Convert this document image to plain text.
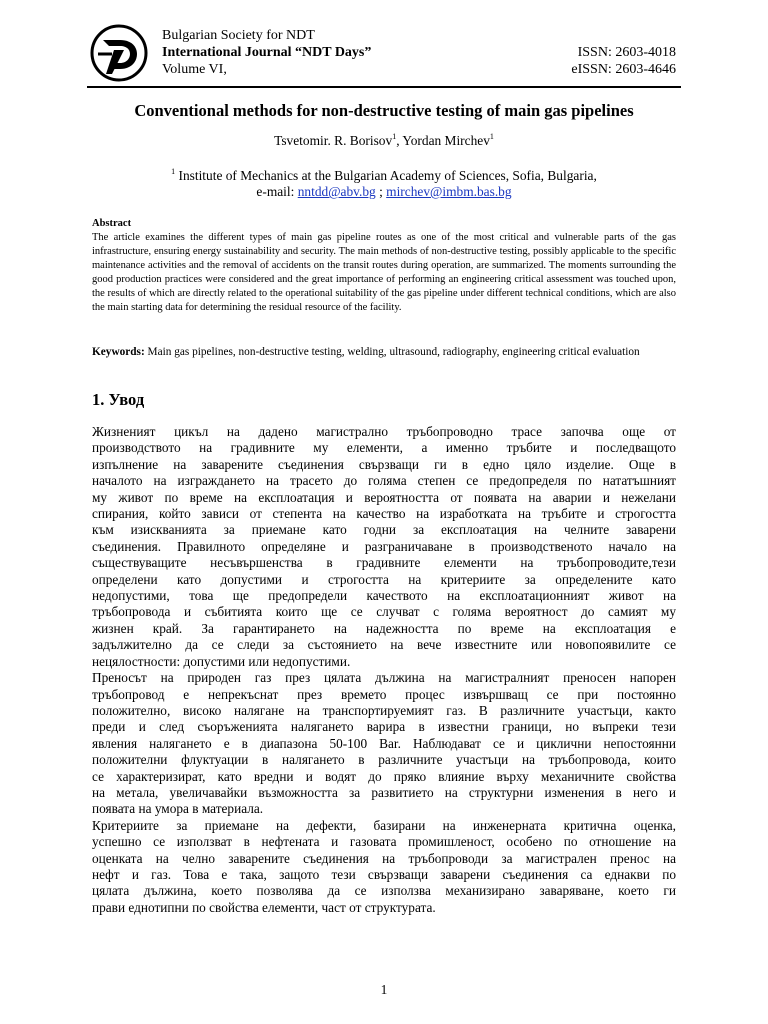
Bulgarian Society for NDT
International Journal “NDT Days”
Volume VI,
ISSN: 2603-4018
eISSN: 2603-4646
Conventional methods for non-destructive testing of main gas pipelines
Tsvetomir. R. Borisov$^1$, Yordan Mirchev$^1$
$^1$ Institute of Mechanics at the Bulgarian Academy of Sciences, Sofia, Bulgaria,
e-mail: nntdd@abv.bg ; mirchev@imbm.bas.bg
Abstract
The article examines the different types of main gas pipeline routes as one of the most critical and vulnerable parts of the gas infrastructure, ensuring energy sustainability and security. The main methods of non-destructive testing, possibly applicable to the specific maintenance activities and the removal of accidents on the transit routes during operation, are summarized. The moments surrounding the good production practices were considered and the great importance of performing an engineering critical assessment was touched upon, the results of which are directly related to the operational suitability of the gas pipeline under different technical conditions, which are also the main starting data for determining the residual resource of the facility.
Keywords: Main gas pipelines, non-destructive testing, welding, ultrasound, radiography, engineering critical evaluation
1. Увод

Жизненият цикъл на дадено магистрално тръбопроводно трасе започва още от
производството на градивните му елементи, а именно тръбите и последващото
изпълнение на заварените съединения свързващи ги в едно цяло изделие. Още в
началото на изграждането на трасето до голяма степен се предопределя по нататъшният
му живот по време на експлоатация и вероятността от появата на аварии и нежелани
спирания, който зависи от степента на качество на изработката на тръбите и строгостта
към изискванията за приемане като годни за експлоатация на челните заварени
съединения. Правилното определяне и разграничаване в производственото начало на
съществуващите несъвършенства в градивните елементи на тръбопроводите,тези
определени като допустими и строгостта на критериите за определените като
недопустими, това ще предопредели качеството на експлоатационният живот на
тръбопровода и събитията които ще се случват с голяма вероятност до самият му
жизнен край. За гарантирането на надежността по време на експлоатация е
задължително да се следи за състоянието на вече известните или новопоявилите се
нецялостности: допустими или недопустими.

Преносът на природен газ през цялата дължина на магистралният преносен напорен
тръбопровод е непрекъснат през времето процес извършващ се при постоянно
положително, високо налягане на транспортируемият газ. В различните участъци, както
преди и след съоръженията налягането варира в известни граници, но въпреки тези
явления налягането е в диапазона 50-100 Bar. Наблюдават се и циклични непостоянни
положителни флуктуации в налягането в различните участъци на тръбопровода, които
се характеризират, като вредни и водят до пряко влияние върху механичните свойства
на метала, увеличавайки възможността за развитието на структурни изменения в него и
появата на умора в материала.

Критериите за приемане на дефекти, базирани на инженерната критична оценка,
успешно се използват в нефтената и газовата промишленост, особено по отношение на
оценката на челно заварените съединения на тръбопроводи за магистрален пренос на
нефт и газ. Това е така, защото тези свързващи заварени съединения са еднакви по
цялата дължина, което позволява да се използва механизирано заваряване, което ги
прави еднотипни по свойства елементи, част от структурата.

1
